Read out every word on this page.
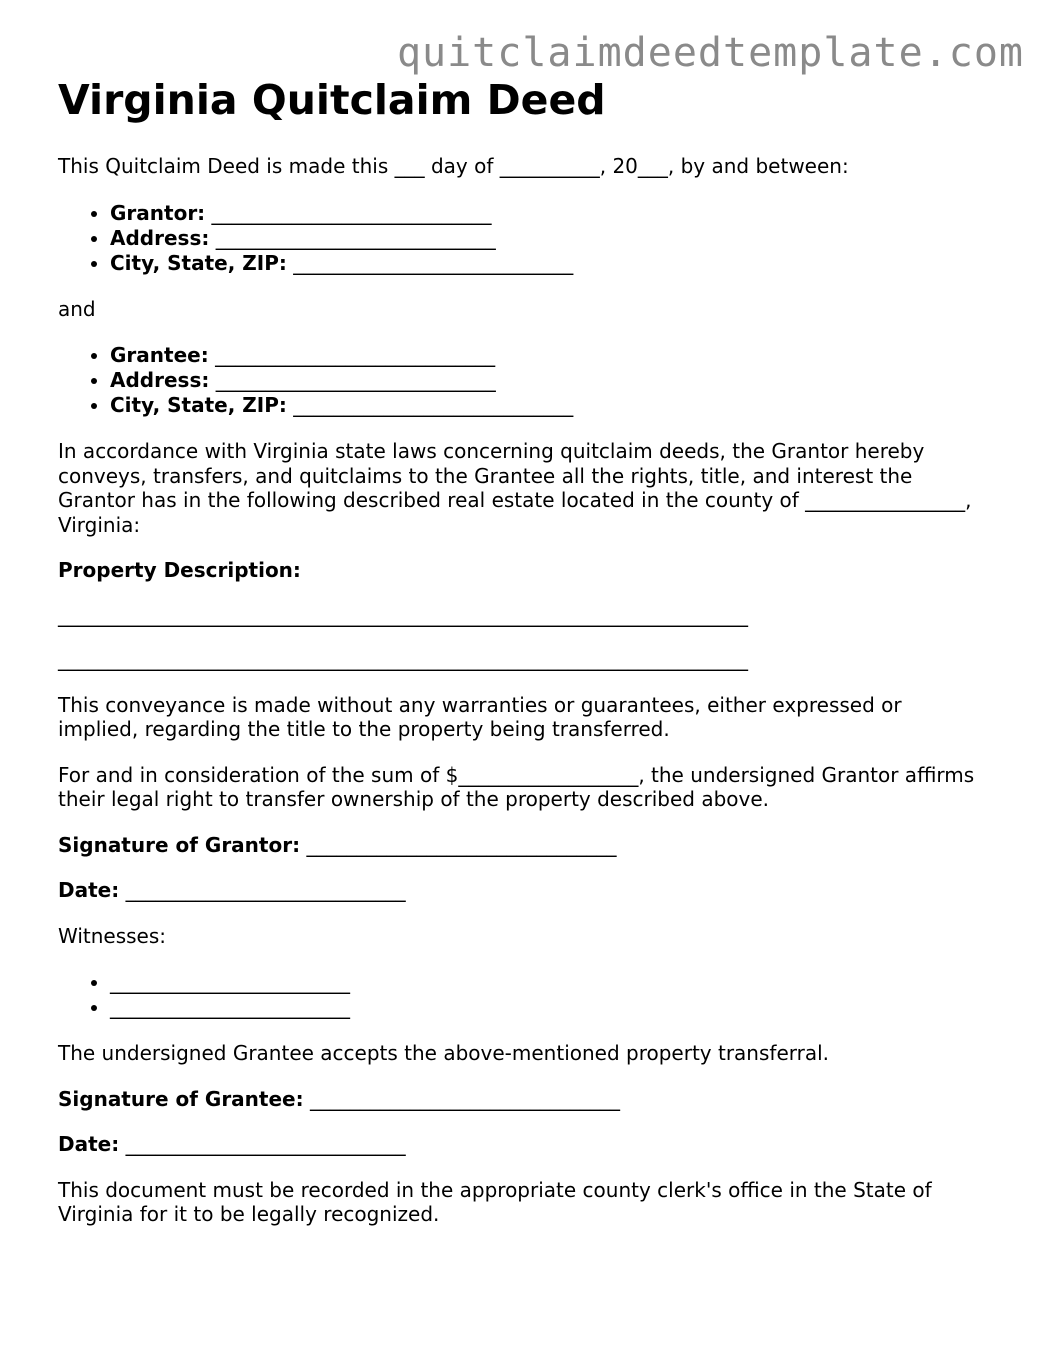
quitclaimdeedtemplate.com
Virginia Quitclaim Deed

This Quitclaim Deed is made this ___ day of __________, 20___, by and between:

• Grantor: ____________________________
• Address: ____________________________
• City, State, ZIP: ____________________________

and

• Grantee: ____________________________
• Address: ____________________________
• City, State, ZIP: ____________________________

In accordance with Virginia state laws concerning quitclaim deeds, the Grantor hereby conveys, transfers, and quitclaims to the Grantee all the rights, title, and interest the Grantor has in the following described real estate located in the county of ________________, Virginia:

Property Description:

_____________________________________________________________________

_____________________________________________________________________

This conveyance is made without any warranties or guarantees, either expressed or implied, regarding the title to the property being transferred.

For and in consideration of the sum of $__________________, the undersigned Grantor affirms their legal right to transfer ownership of the property described above.

Signature of Grantor: _______________________________

Date: ____________________________

Witnesses:

• ________________________
• ________________________

The undersigned Grantee accepts the above-mentioned property transferral.

Signature of Grantee: _______________________________

Date: ____________________________

This document must be recorded in the appropriate county clerk's office in the State of Virginia for it to be legally recognized.
